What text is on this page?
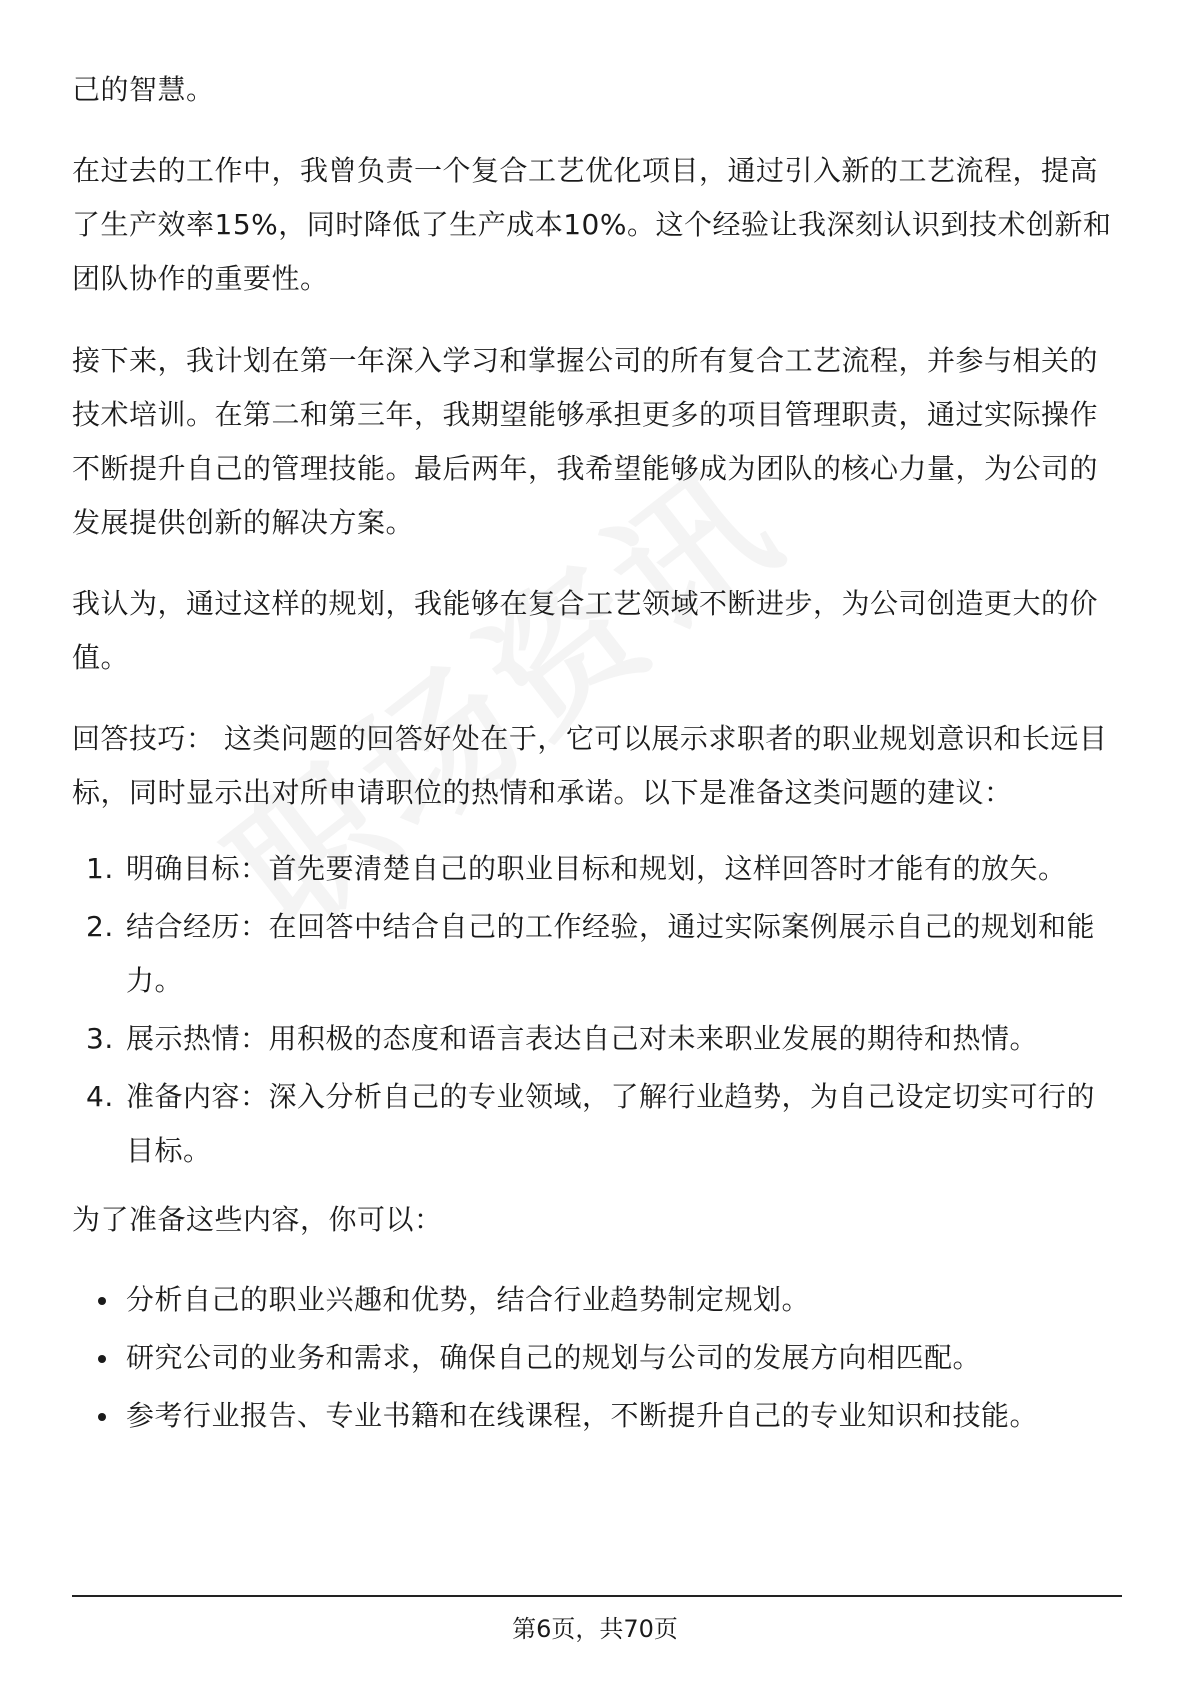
己的智慧。

在过去的工作中，我曾负责一个复合工艺优化项目，通过引入新的工艺流程，提高了生产效率15%，同时降低了生产成本10%。这个经验让我深刻认识到技术创新和团队协作的重要性。

接下来，我计划在第一年深入学习和掌握公司的所有复合工艺流程，并参与相关的技术培训。在第二和第三年，我期望能够承担更多的项目管理职责，通过实际操作不断提升自己的管理技能。最后两年，我希望能够成为团队的核心力量，为公司的发展提供创新的解决方案。

我认为，通过这样的规划，我能够在复合工艺领域不断进步，为公司创造更大的价值。

回答技巧： 这类问题的回答好处在于，它可以展示求职者的职业规划意识和长远目标，同时显示出对所申请职位的热情和承诺。以下是准备这类问题的建议：

1. 明确目标：首先要清楚自己的职业目标和规划，这样回答时才能有的放矢。
2. 结合经历：在回答中结合自己的工作经验，通过实际案例展示自己的规划和能力。
3. 展示热情：用积极的态度和语言表达自己对未来职业发展的期待和热情。
4. 准备内容：深入分析自己的专业领域，了解行业趋势，为自己设定切实可行的目标。

为了准备这些内容，你可以：

分析自己的职业兴趣和优势，结合行业趋势制定规划。
研究公司的业务和需求，确保自己的规划与公司的发展方向相匹配。
参考行业报告、专业书籍和在线课程，不断提升自己的专业知识和技能。
第6页，共70页
